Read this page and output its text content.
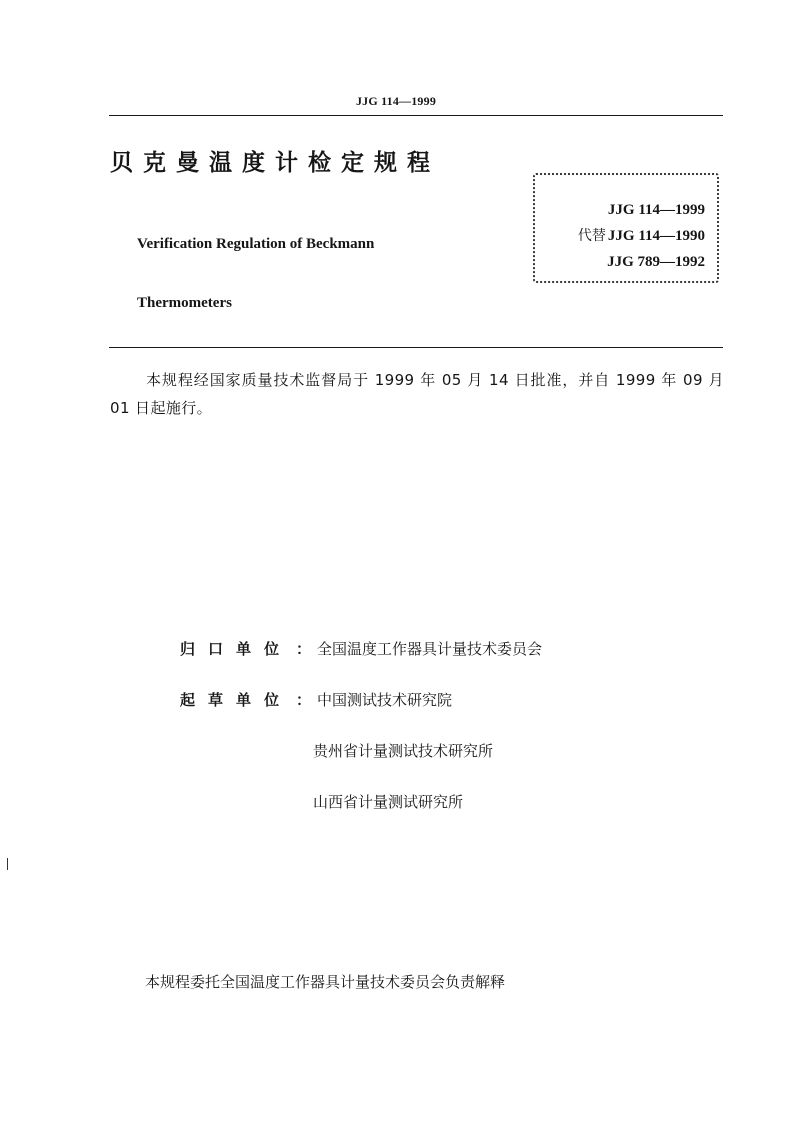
JJG 114—1999
贝克曼温度计检定规程
Verification Regulation of Beckmann
Thermometers
JJG 114—1999
代替 JJG 114—1990
JJG 789—1992
本规程经国家质量技术监督局于 1999 年 05 月 14 日批准，并自 1999 年 09 月 01 日起施行。
归口单位 ： 全国温度工作器具计量技术委员会
起草单位 ： 中国测试技术研究院
贵州省计量测试技术研究所
山西省计量测试研究所
本规程委托全国温度工作器具计量技术委员会负责解释
